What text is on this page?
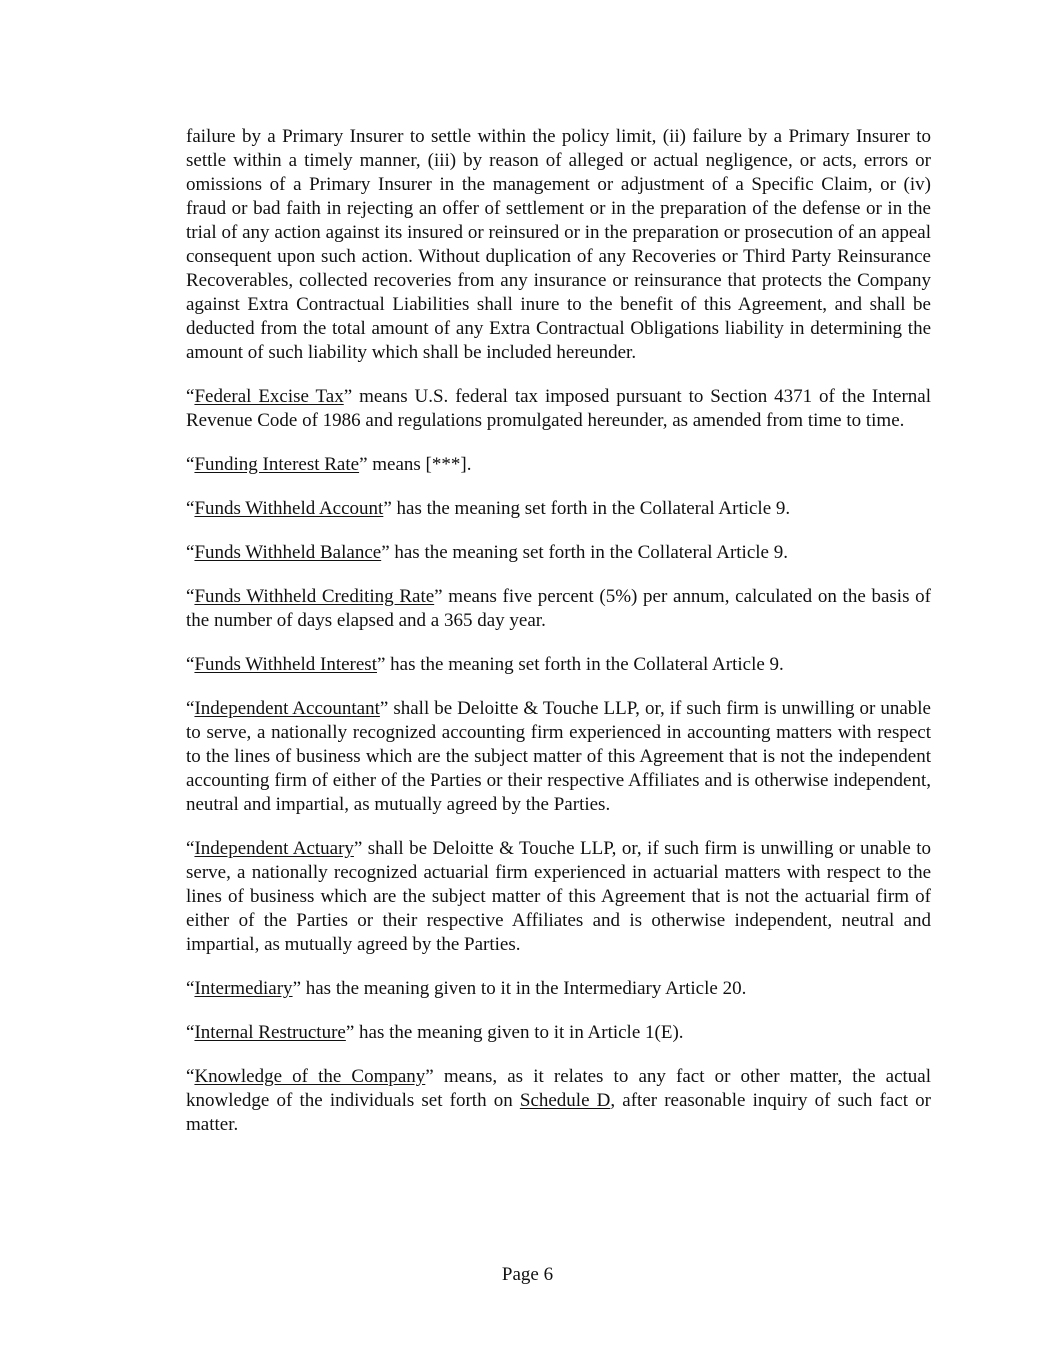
failure by a Primary Insurer to settle within the policy limit, (ii) failure by a Primary Insurer to settle within a timely manner, (iii) by reason of alleged or actual negligence, or acts, errors or omissions of a Primary Insurer in the management or adjustment of a Specific Claim, or (iv) fraud or bad faith in rejecting an offer of settlement or in the preparation of the defense or in the trial of any action against its insured or reinsured or in the preparation or prosecution of an appeal consequent upon such action. Without duplication of any Recoveries or Third Party Reinsurance Recoverables, collected recoveries from any insurance or reinsurance that protects the Company against Extra Contractual Liabilities shall inure to the benefit of this Agreement, and shall be deducted from the total amount of any Extra Contractual Obligations liability in determining the amount of such liability which shall be included hereunder.

“Federal Excise Tax” means U.S. federal tax imposed pursuant to Section 4371 of the Internal Revenue Code of 1986 and regulations promulgated hereunder, as amended from time to time.

“Funding Interest Rate” means [***].

“Funds Withheld Account” has the meaning set forth in the Collateral Article 9.

“Funds Withheld Balance” has the meaning set forth in the Collateral Article 9.

“Funds Withheld Crediting Rate” means five percent (5%) per annum, calculated on the basis of the number of days elapsed and a 365 day year.

“Funds Withheld Interest” has the meaning set forth in the Collateral Article 9.

“Independent Accountant” shall be Deloitte & Touche LLP, or, if such firm is unwilling or unable to serve, a nationally recognized accounting firm experienced in accounting matters with respect to the lines of business which are the subject matter of this Agreement that is not the independent accounting firm of either of the Parties or their respective Affiliates and is otherwise independent, neutral and impartial, as mutually agreed by the Parties.

“Independent Actuary” shall be Deloitte & Touche LLP, or, if such firm is unwilling or unable to serve, a nationally recognized actuarial firm experienced in actuarial matters with respect to the lines of business which are the subject matter of this Agreement that is not the actuarial firm of either of the Parties or their respective Affiliates and is otherwise independent, neutral and impartial, as mutually agreed by the Parties.

“Intermediary” has the meaning given to it in the Intermediary Article 20.

“Internal Restructure” has the meaning given to it in Article 1(E).

“Knowledge of the Company” means, as it relates to any fact or other matter, the actual knowledge of the individuals set forth on Schedule D, after reasonable inquiry of such fact or matter.

Page 6
